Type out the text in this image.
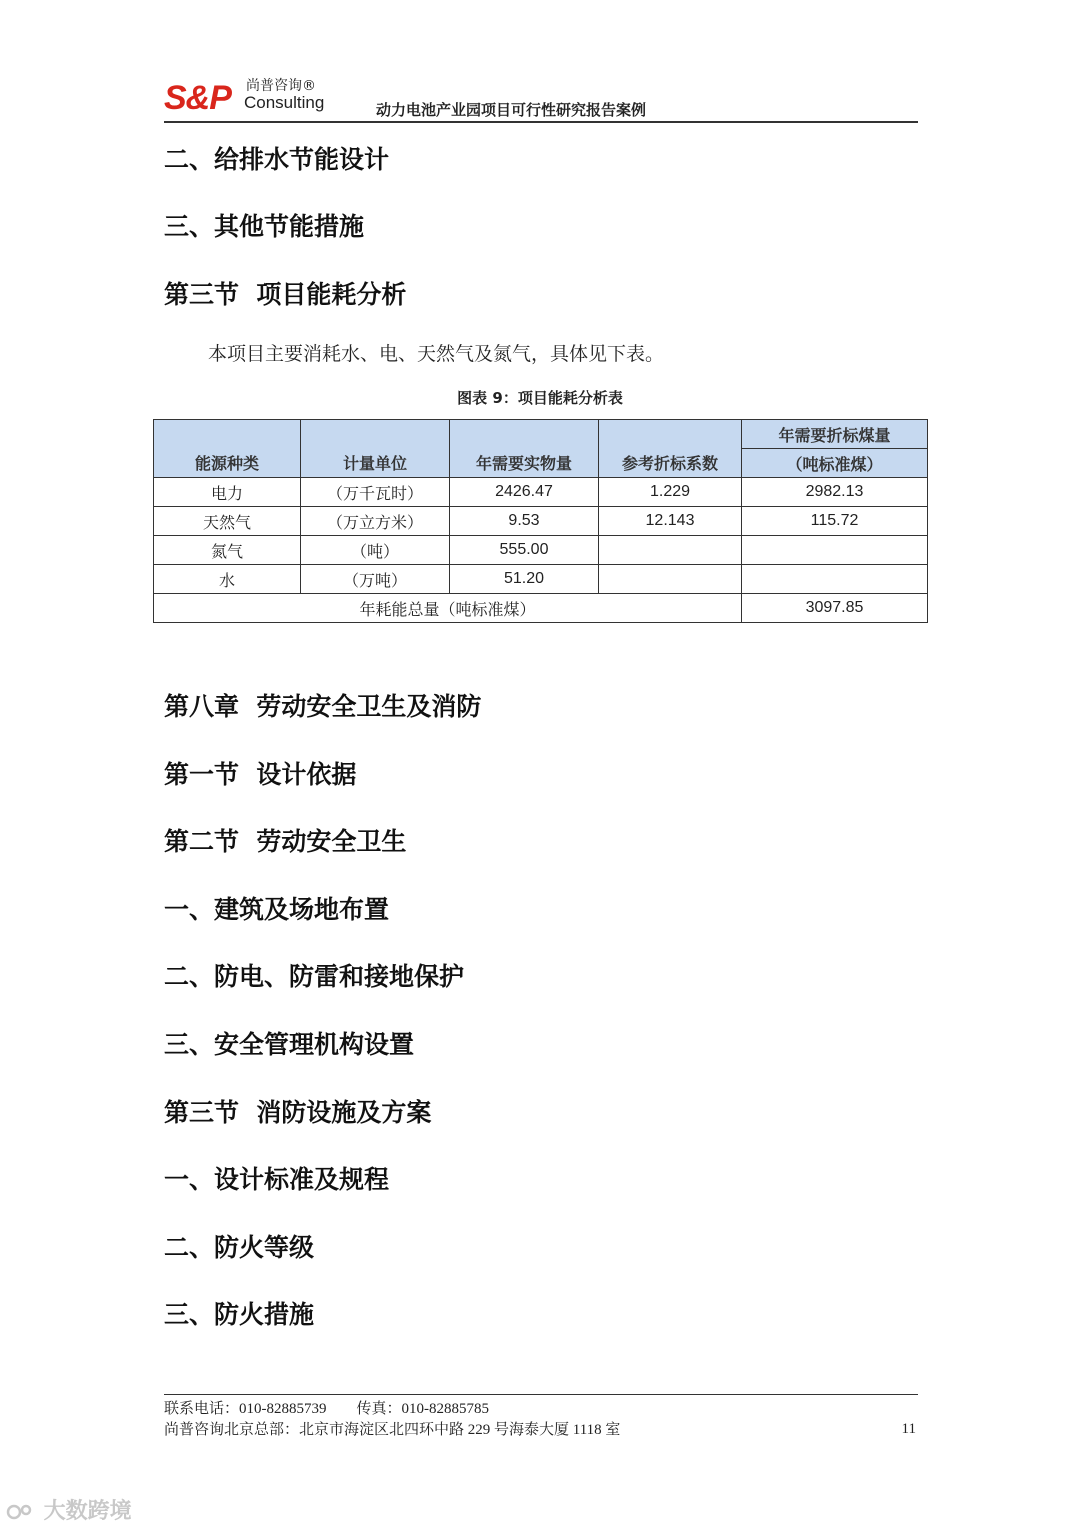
S&P 尚普咨询®
Consulting	动力电池产业园项目可行性研究报告案例
二、给排水节能设计
三、其他节能措施
第三节  项目能耗分析
本项目主要消耗水、电、天然气及氮气，具体见下表。
图表 9：项目能耗分析表
能源种类	计量单位	年需要实物量	参考折标系数	年需要折标煤量
				（吨标准煤）
电力	（万千瓦时）	2426.47	1.229	2982.13
天然气	（万立方米）	9.53	12.143	115.72
氮气	（吨）	555.00		
水	（万吨）	51.20		
年耗能总量（吨标准煤）				3097.85
第八章  劳动安全卫生及消防
第一节  设计依据
第二节  劳动安全卫生
一、建筑及场地布置
二、防电、防雷和接地保护
三、安全管理机构设置
第三节  消防设施及方案
一、设计标准及规程
二、防火等级
三、防火措施
联系电话：010-82885739        传真：010-82885785
尚普咨询北京总部：北京市海淀区北四环中路 229 号海泰大厦 1118 室	11
大数跨境
